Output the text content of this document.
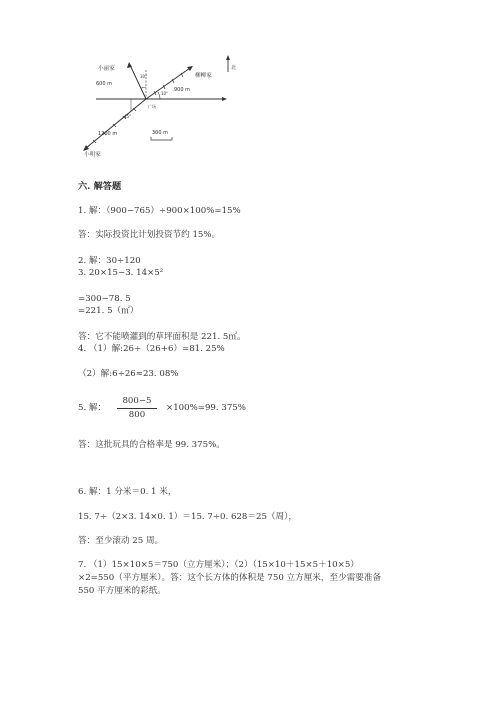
北
小丽家
柳柳家
小明家
广场
600 m
900 m
1200 m
30°
10°
45°
300 m
六. 解答题
1. 解：（900−765）÷900×100%=15%
答：实际投资比计划投资节约 15%。
2. 解：30÷120
3. 20×15−3. 14×5²
=300−78. 5
=221. 5（㎡）
答：它不能喷灌到的草坪面积是 221. 5㎡。
4. （1）解:26÷（26+6）=81. 25%
（2）解:6÷26≈23. 08%
5. 解：
800−5
800
×100%=99. 375%
答：这批玩具的合格率是 99. 375%。
6. 解：1 分米＝0. 1 米，
15. 7÷（2×3. 14×0. 1）＝15. 7÷0. 628＝25（周），
答：至少滚动 25 周。
7. （1）15×10×5＝750（立方厘米）；（2）（15×10＋15×5＋10×5）
×2=550（平方厘米）。答：这个长方体的体积是 750 立方厘米，至少需要准备
550 平方厘米的彩纸。
